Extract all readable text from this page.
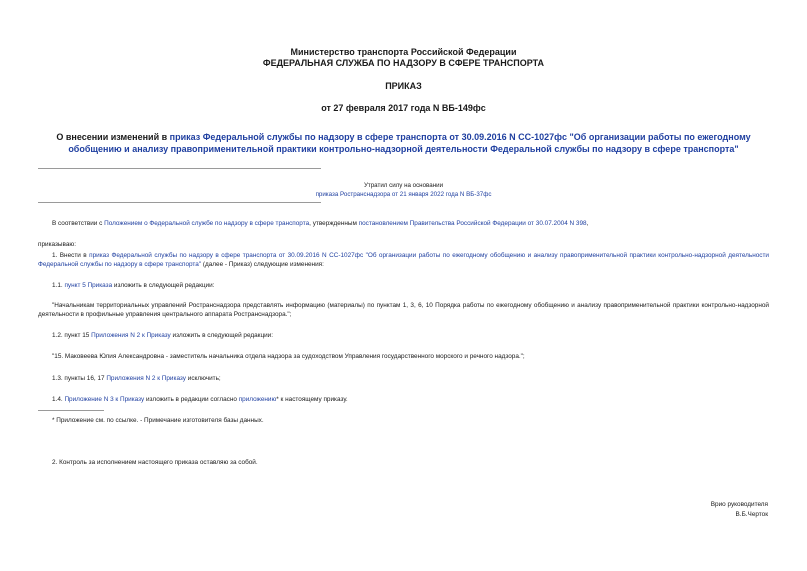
Министерство транспорта Российской Федерации
ФЕДЕРАЛЬНАЯ СЛУЖБА ПО НАДЗОРУ В СФЕРЕ ТРАНСПОРТА
ПРИКАЗ
от 27 февраля 2017 года N ВБ-149фс
О внесении изменений в приказ Федеральной службы по надзору в сфере транспорта от 30.09.2016 N СС-1027фс "Об организации работы по ежегодному обобщению и анализу правоприменительной практики контрольно-надзорной деятельности Федеральной службы по надзору в сфере транспорта"
Утратил силу на основании
приказа Ространснадзора от 21 января 2022 года N ВБ-37фс
В соответствии с Положением о Федеральной службе по надзору в сфере транспорта, утвержденным постановлением Правительства Российской Федерации от 30.07.2004 N 398,
приказываю:
1. Внести в приказ Федеральной службы по надзору в сфере транспорта от 30.09.2016 N СС-1027фс "Об организации работы по ежегодному обобщению и анализу правоприменительной практики контрольно-надзорной деятельности Федеральной службы по надзору в сфере транспорта" (далее - Приказ) следующие изменения:
1.1. пункт 5 Приказа изложить в следующей редакции:
"Начальникам территориальных управлений Ространснадзора представлять информацию (материалы) по пунктам 1, 3, 6, 10 Порядка работы по ежегодному обобщению и анализу правоприменительной практики контрольно-надзорной деятельности в профильные управления центрального аппарата Ространснадзора.";
1.2. пункт 15 Приложения N 2 к Приказу изложить в следующей редакции:
"15. Маковеева Юлия Александровна - заместитель начальника отдела надзора за судоходством Управления государственного морского и речного надзора.";
1.3. пункты 16, 17 Приложения N 2 к Приказу исключить;
1.4. Приложение N 3 к Приказу изложить в редакции согласно приложению* к настоящему приказу.
* Приложение см. по ссылке. - Примечание изготовителя базы данных.
2. Контроль за исполнением настоящего приказа оставляю за собой.
Врио руководителя
В.Б.Черток
